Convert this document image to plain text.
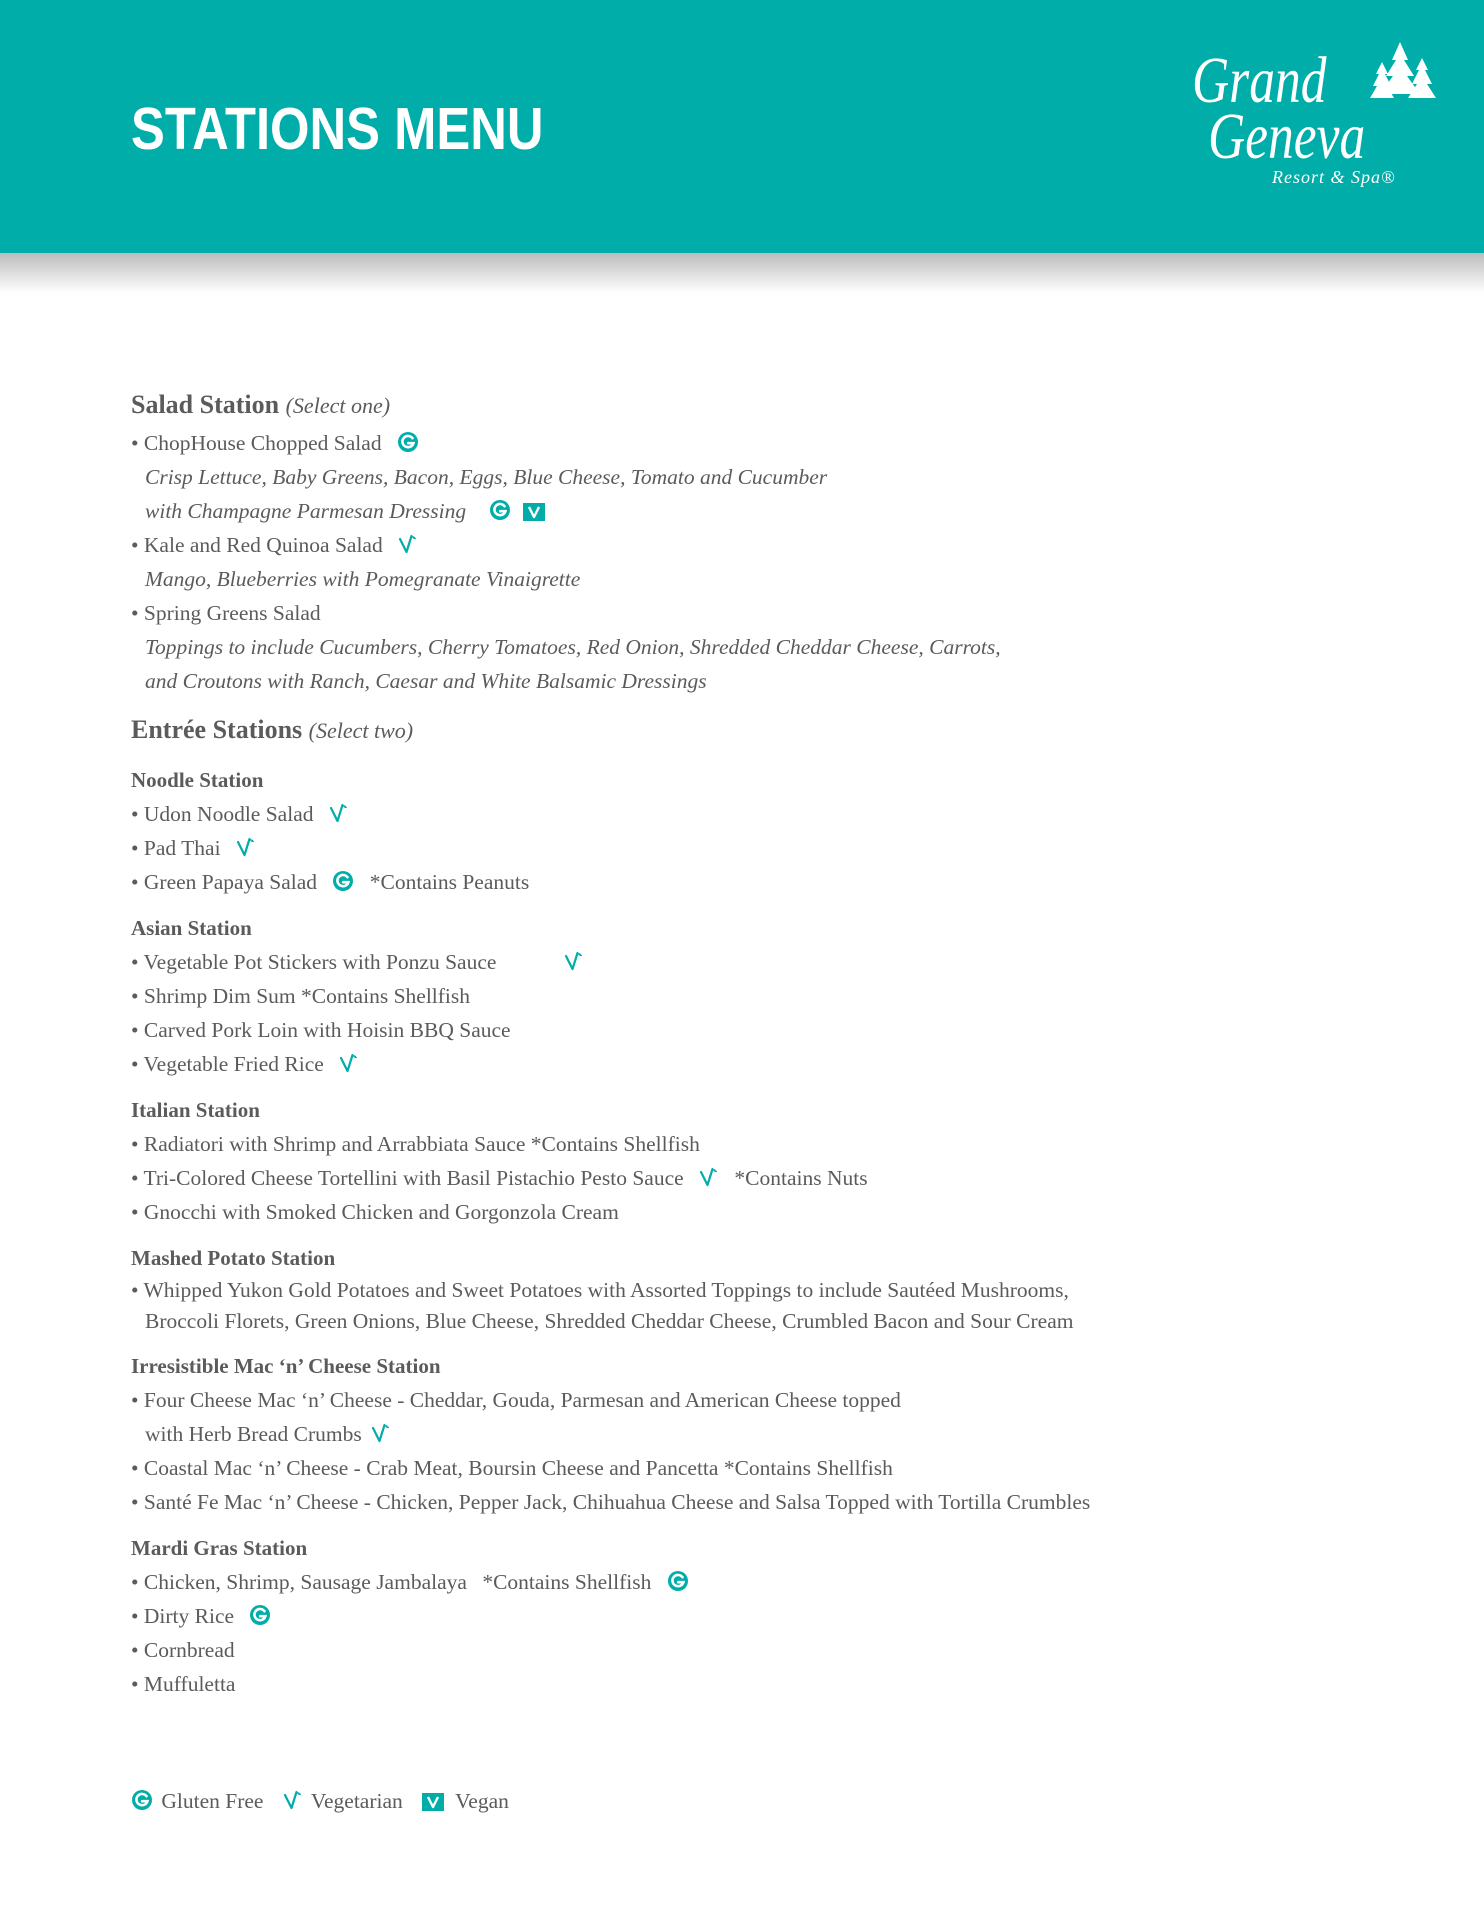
STATIONS MENU
Grand
Geneva
Resort & Spa®
Salad Station (Select one)
• ChopHouse Chopped Salad
Crisp Lettuce, Baby Greens, Bacon, Eggs, Blue Cheese, Tomato and Cucumber
with Champagne Parmesan Dressing
• Kale and Red Quinoa Salad
Mango, Blueberries with Pomegranate Vinaigrette
• Spring Greens Salad
Toppings to include Cucumbers, Cherry Tomatoes, Red Onion, Shredded Cheddar Cheese, Carrots,
and Croutons with Ranch, Caesar and White Balsamic Dressings
Entrée Stations (Select two)
Noodle Station
• Udon Noodle Salad
• Pad Thai
• Green Papaya Salad *Contains Peanuts
Asian Station
• Vegetable Pot Stickers with Ponzu Sauce
• Shrimp Dim Sum *Contains Shellfish
• Carved Pork Loin with Hoisin BBQ Sauce
• Vegetable Fried Rice
Italian Station
• Radiatori with Shrimp and Arrabbiata Sauce *Contains Shellfish
• Tri-Colored Cheese Tortellini with Basil Pistachio Pesto Sauce *Contains Nuts
• Gnocchi with Smoked Chicken and Gorgonzola Cream
Mashed Potato Station
• Whipped Yukon Gold Potatoes and Sweet Potatoes with Assorted Toppings to include Sautéed Mushrooms,
Broccoli Florets, Green Onions, Blue Cheese, Shredded Cheddar Cheese, Crumbled Bacon and Sour Cream
Irresistible Mac ‘n’ Cheese Station
• Four Cheese Mac ‘n’ Cheese - Cheddar, Gouda, Parmesan and American Cheese topped
with Herb Bread Crumbs
• Coastal Mac ‘n’ Cheese - Crab Meat, Boursin Cheese and Pancetta *Contains Shellfish
• Santé Fe Mac ‘n’ Cheese - Chicken, Pepper Jack, Chihuahua Cheese and Salsa Topped with Tortilla Crumbles
Mardi Gras Station
• Chicken, Shrimp, Sausage Jambalaya *Contains Shellfish
• Dirty Rice
• Cornbread
• Muffuletta
Gluten Free Vegetarian Vegan
